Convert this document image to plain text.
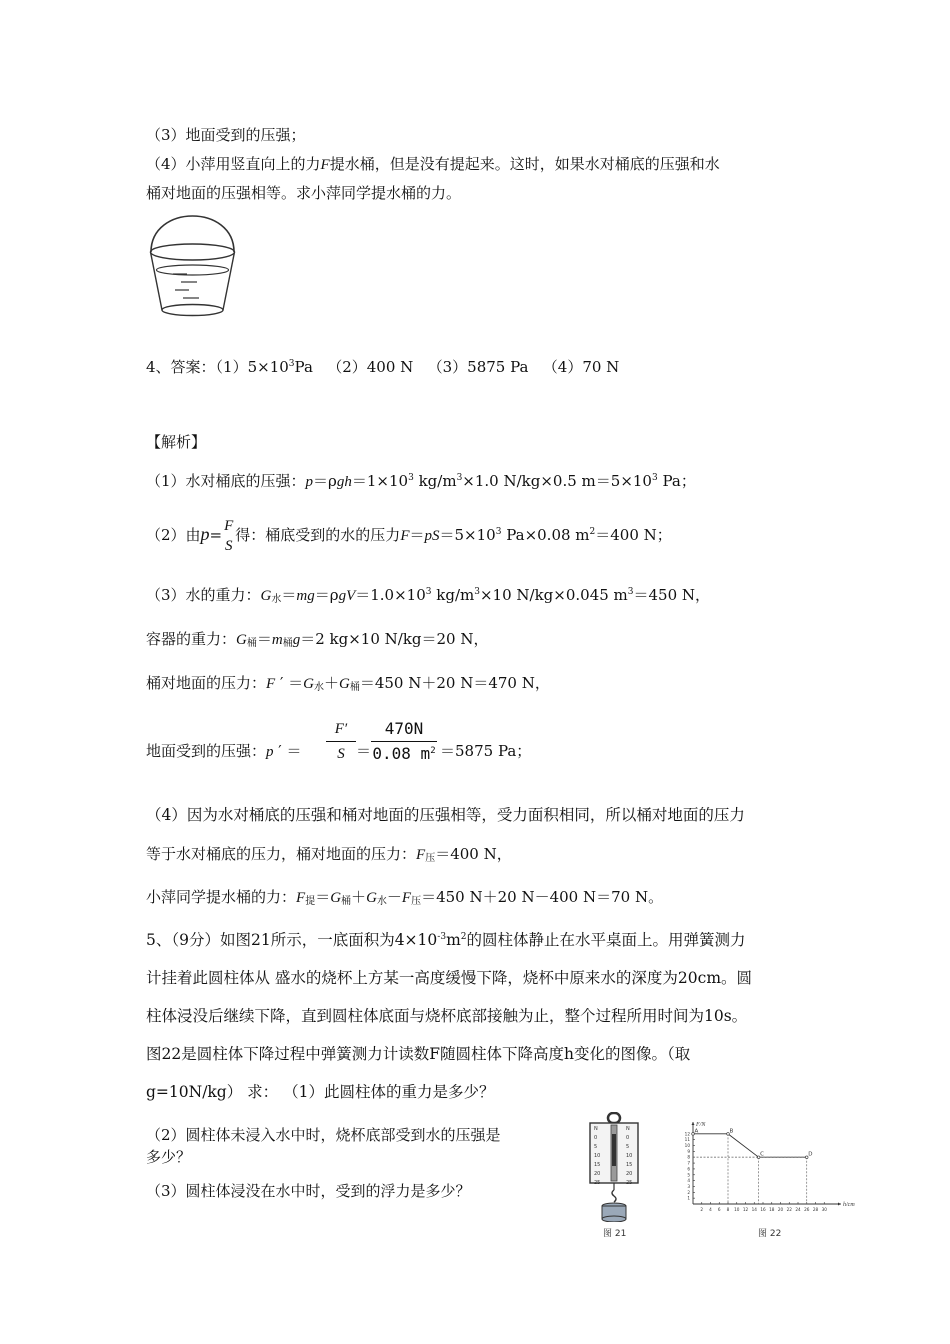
（3）地面受到的压强；
（4）小萍用竖直向上的力F提水桶，但是没有提起来。这时，如果水对桶底的压强和水
桶对地面的压强相等。求小萍同学提水桶的力。
4、答案：$(1)5\times 10^3Pa$ （2）400 N （3）5875 Pa （4）70 N
【解析】
（1）水对桶底的压强：$p=\rho gh=1\times 10^3$ $kg/m^3\times 1.0$ N/kg×0.5 $m=5\times 10^3$ Pa；
（2）由p= F
S
得：桶底受到的水的压力$F=pS=5\times 10^3$ Pa×0.08 $m^2=400$ N；
（3）水的重力：$G_水=mg=\rho gV=1.0\times 10^3$ $kg/m^3\times 10$ N/kg×0.045 $m^3=450$ N，
容器的重力：$G_桶=m_桶g=2$ kg×10 N/kg＝20 N，
桶对地面的压力：F ′ $=G_水+G_桶=450$ N＋20 N＝470 N，
地面受到的压强：p ′ ＝
F′
S ＝
470N
0.08 $m^2 =5875$ Pa；
（4）因为水对桶底的压强和桶对地面的压强相等，受力面积相同，所以桶对地面的压力
等于水对桶底的压力，桶对地面的压力：$F_压=400$ N，
小萍同学提水桶的力：$F_提=G_桶+G_水-F_压=450$ N＋20 N－400 N＝70 N。
5、（9分）如图21所示，一底面积为$4\times 10^{-3}m^2$的圆柱体静止在水平桌面上。用弹簧测力
计挂着此圆柱体从 盛水的烧杯上方某一高度缓慢下降，烧杯中原来水的深度为20cm。圆
柱体浸没后继续下降，直到圆柱体底面与烧杯底部接触为止，整个过程所用时间为10s。
图22是圆柱体下降过程中弹簧测力计读数F随圆柱体下降高度h变化的图像。（取
g=10N/kg） 求： （1）此圆柱体的重力是多少？
（2）圆柱体未浸入水中时，烧杯底部受到水的压强是
多少？
（3）圆柱体浸没在水中时，受到的浮力是多少？
N
0
5
10
15
20
25
N
0
5
10
15
20
25
图 21
F/N
h/cm
2 4 6 8 10 12 14 16 18 20 22 24 26 28 30
1
2
3
4
5
6
7
8
9
10
11
12 A	B
C	D
图 22
